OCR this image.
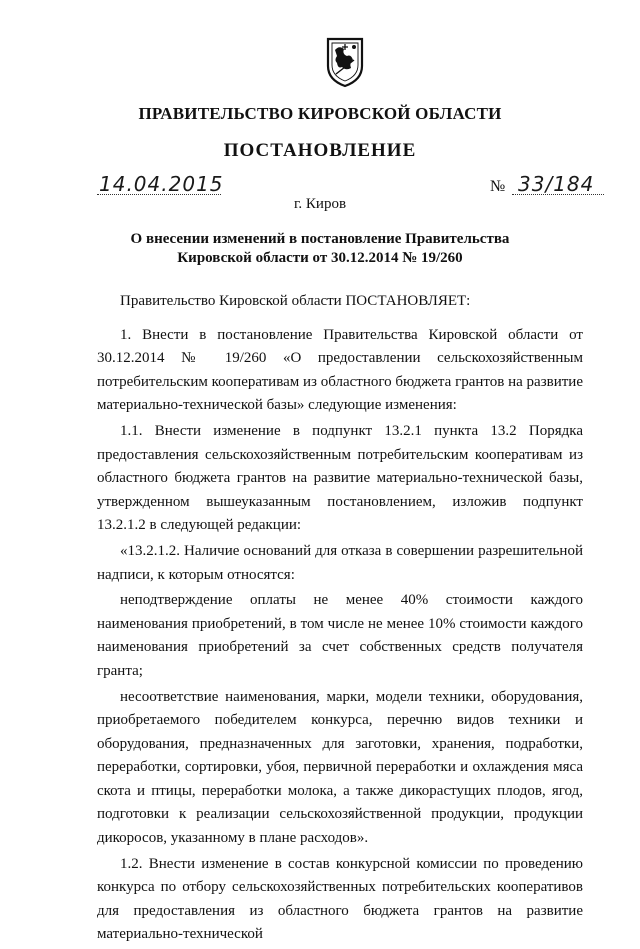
ПРАВИТЕЛЬСТВО КИРОВСКОЙ ОБЛАСТИ
ПОСТАНОВЛЕНИЕ
14.04.2015	№ 33/184
г. Киров
О внесении изменений в постановление Правительства
Кировской области от 30.12.2014 № 19/260

Правительство Кировской области ПОСТАНОВЛЯЕТ:

1. Внести в постановление Правительства Кировской области от 30.12.2014 № 19/260 «О предоставлении сельскохозяйственным потребительским кооперативам из областного бюджета грантов на развитие материально-технической базы» следующие изменения:

1.1. Внести изменение в подпункт 13.2.1 пункта 13.2 Порядка предоставления сельскохозяйственным потребительским кооперативам из областного бюджета грантов на развитие материально-технической базы, утвержденном вышеуказанным постановлением, изложив подпункт 13.2.1.2 в следующей редакции:

«13.2.1.2. Наличие оснований для отказа в совершении разрешительной надписи, к которым относятся:

неподтверждение оплаты не менее 40% стоимости каждого наименования приобретений, в том числе не менее 10% стоимости каждого наименования приобретений за счет собственных средств получателя гранта;

несоответствие наименования, марки, модели техники, оборудования, приобретаемого победителем конкурса, перечню видов техники и оборудования, предназначенных для заготовки, хранения, подработки, переработки, сортировки, убоя, первичной переработки и охлаждения мяса скота и птицы, переработки молока, а также дикорастущих плодов, ягод, подготовки к реализации сельскохозяйственной продукции, продукции дикоросов, указанному в плане расходов».

1.2. Внести изменение в состав конкурсной комиссии по проведению конкурса по отбору сельскохозяйственных потребительских кооперативов для предоставления из областного бюджета грантов на развитие материально-технической
